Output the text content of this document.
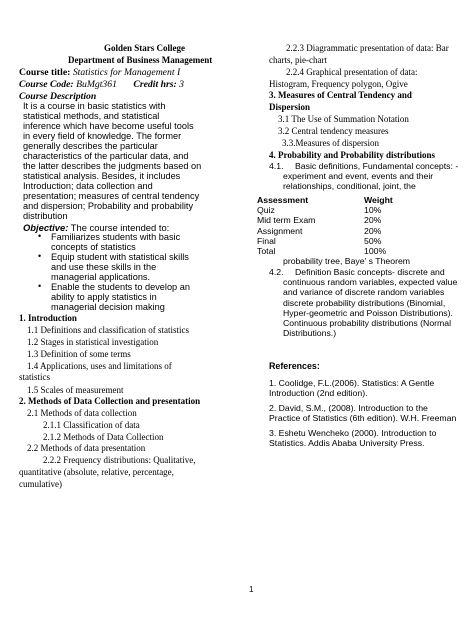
Golden Stars College
Department of Business Management
Course title: Statistics for Management I
Course Code: BuMgt361 Credit hrs: 3
Course Description
It is a course in basic statistics with
statistical methods, and statistical
inference which have become useful tools
in every field of knowledge. The former
generally describes the particular
characteristics of the particular data, and
the latter describes the judgments based on
statistical analysis. Besides, it includes
Introduction; data collection and
presentation; measures of central tendency
and dispersion; Probability and probability
distribution
Objective: The course intended to:
• Familiarizes students with basic
concepts of statistics
• Equip student with statistical skills
and use these skills in the
managerial applications.
• Enable the students to develop an
ability to apply statistics in
managerial decision making
1. Introduction
1.1 Definitions and classification of statistics
1.2 Stages in statistical investigation
1.3 Definition of some terms
1.4 Applications, uses and limitations of
statistics
1.5 Scales of measurement
2. Methods of Data Collection and presentation
2.1 Methods of data collection
2.1.1 Classification of data
2.1.2 Methods of Data Collection
2.2 Methods of data presentation
2.2.2 Frequency distributions: Qualitative,
quantitative (absolute, relative, percentage,
cumulative)
2.2.3 Diagrammatic presentation of data: Bar
charts, pie-chart
2.2.4 Graphical presentation of data:
Histogram, Frequency polygon, Ogive
3. Measures of Central Tendency and
Dispersion
3.1 The Use of Summation Notation
3.2 Central tendency measures
3.3.Measures of dispersion
4. Probability and Probability distributions
4.1.	Basic definitions, Fundamental concepts: -
experiment and event, events and their
relationships, conditional, joint, the
Assessment	Weight
Quiz	10%
Mid term Exam	20%
Assignment	20%
Final	50%
Total	100%
probability tree, Baye' s Theorem
4.2.	Definition Basic concepts- discrete and
continuous random variables, expected value
and variance of discrete random variables
discrete probability distributions (Binomial,
Hyper-geometric and Poisson Distributions).
Continuous probability distributions (Normal
Distributions.)
References:
1. Coolidge, F.L.(2006). Statistics: A Gentle
Introduction (2nd edition).
2. David, S.M., (2008). Introduction to the
Practice of Statistics (6th edition). W.H. Freeman
3. Eshetu Wencheko (2000). Introduction to
Statistics. Addis Ababa University Press.
1
